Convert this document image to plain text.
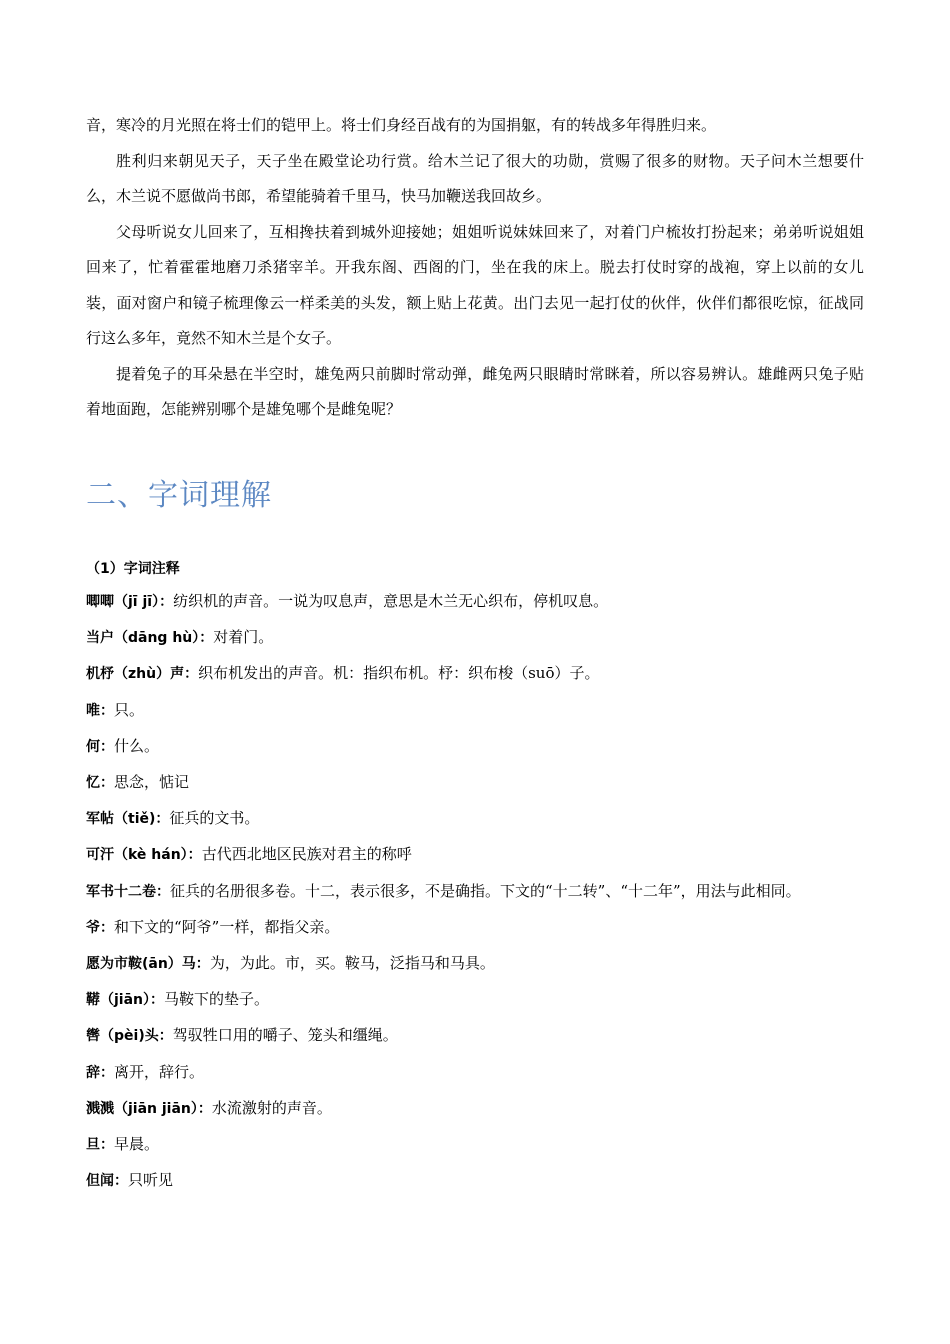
音，寒冷的月光照在将士们的铠甲上。将士们身经百战有的为国捐躯，有的转战多年得胜归来。

胜利归来朝见天子，天子坐在殿堂论功行赏。给木兰记了很大的功勋，赏赐了很多的财物。天子问木兰想要什么，木兰说不愿做尚书郎，希望能骑着千里马，快马加鞭送我回故乡。

父母听说女儿回来了，互相搀扶着到城外迎接她；姐姐听说妹妹回来了，对着门户梳妆打扮起来；弟弟听说姐姐回来了，忙着霍霍地磨刀杀猪宰羊。开我东阁、西阁的门，坐在我的床上。脱去打仗时穿的战袍，穿上以前的女儿装，面对窗户和镜子梳理像云一样柔美的头发，额上贴上花黄。出门去见一起打仗的伙伴，伙伴们都很吃惊，征战同行这么多年，竟然不知木兰是个女子。

提着兔子的耳朵悬在半空时，雄兔两只前脚时常动弹，雌兔两只眼睛时常眯着，所以容易辨认。雄雌两只兔子贴着地面跑，怎能辨别哪个是雄兔哪个是雌兔呢？

二、字词理解

（1）字词注释

唧唧（jī jī）：纺织机的声音。一说为叹息声，意思是木兰无心织布，停机叹息。
当户（dāng hù）：对着门。
机杼（zhù）声：织布机发出的声音。机：指织布机。杼：织布梭（suō）子。
唯：只。
何：什么。
忆：思念，惦记
军帖（tiě)：征兵的文书。
可汗（kè hán）：古代西北地区民族对君主的称呼
军书十二卷：征兵的名册很多卷。十二，表示很多，不是确指。下文的“十二转”、“十二年”，用法与此相同。
爷：和下文的“阿爷”一样，都指父亲。
愿为市鞍(ān）马：为，为此。市，买。鞍马，泛指马和马具。
鞯（jiān）：马鞍下的垫子。
辔（pèi)头：驾驭牲口用的嚼子、笼头和缰绳。
辞：离开，辞行。
溅溅（jiān jiān）：水流激射的声音。
旦：早晨。
但闻：只听见
